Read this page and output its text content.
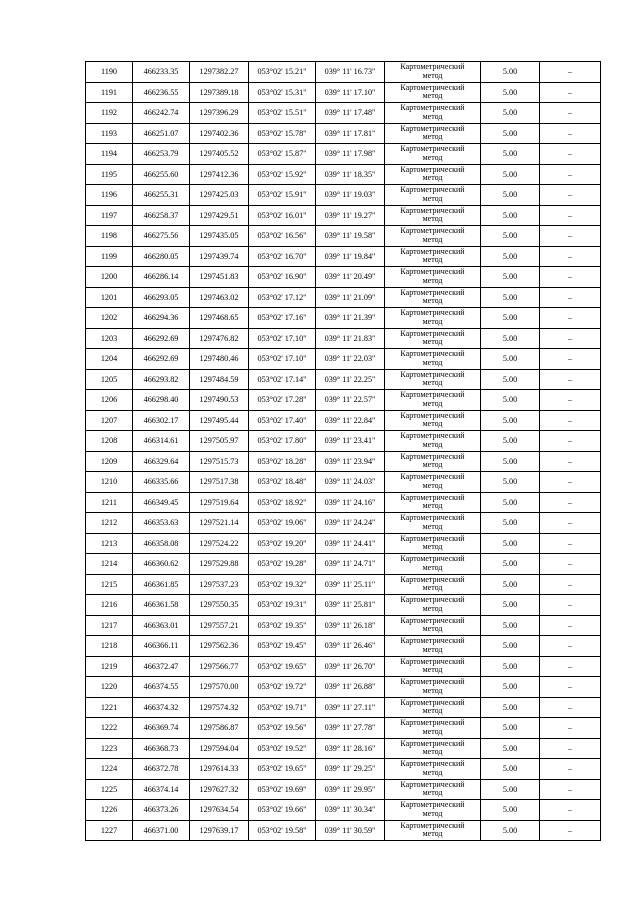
1190	466233.35	1297382.27	053°02' 15.21"	039° 11' 16.73"	Картометрический
метод	5.00	–
1191	466236.55	1297389.18	053°02' 15.31"	039° 11' 17.10"	Картометрический
метод	5.00	–
1192	466242.74	1297396.29	053°02' 15.51"	039° 11' 17.48"	Картометрический
метод	5.00	–
1193	466251.07	1297402.36	053°02' 15.78"	039° 11' 17.81"	Картометрический
метод	5.00	–
1194	466253.79	1297405.52	053°02' 15.87"	039° 11' 17.98"	Картометрический
метод	5.00	–
1195	466255.60	1297412.36	053°02' 15.92"	039° 11' 18.35"	Картометрический
метод	5.00	–
1196	466255.31	1297425.03	053°02' 15.91"	039° 11' 19.03"	Картометрический
метод	5.00	–
1197	466258.37	1297429.51	053°02' 16.01"	039° 11' 19.27"	Картометрический
метод	5.00	–
1198	466275.56	1297435.05	053°02' 16.56"	039° 11' 19.58"	Картометрический
метод	5.00	–
1199	466280.05	1297439.74	053°02' 16.70"	039° 11' 19.84"	Картометрический
метод	5.00	–
1200	466286.14	1297451.83	053°02' 16.90"	039° 11' 20.49"	Картометрический
метод	5.00	–
1201	466293.05	1297463.02	053°02' 17.12"	039° 11' 21.09"	Картометрический
метод	5.00	–
1202	466294.36	1297468.65	053°02' 17.16"	039° 11' 21.39"	Картометрический
метод	5.00	–
1203	466292.69	1297476.82	053°02' 17.10"	039° 11' 21.83"	Картометрический
метод	5.00	–
1204	466292.69	1297480.46	053°02' 17.10"	039° 11' 22.03"	Картометрический
метод	5.00	–
1205	466293.82	1297484.59	053°02' 17.14"	039° 11' 22.25"	Картометрический
метод	5.00	–
1206	466298.40	1297490.53	053°02' 17.28"	039° 11' 22.57"	Картометрический
метод	5.00	–
1207	466302.17	1297495.44	053°02' 17.40"	039° 11' 22.84"	Картометрический
метод	5.00	–
1208	466314.61	1297505.97	053°02' 17.80"	039° 11' 23.41"	Картометрический
метод	5.00	–
1209	466329.64	1297515.73	053°02' 18.28"	039° 11' 23.94"	Картометрический
метод	5.00	–
1210	466335.66	1297517.38	053°02' 18.48"	039° 11' 24.03"	Картометрический
метод	5.00	–
1211	466349.45	1297519.64	053°02' 18.92"	039° 11' 24.16"	Картометрический
метод	5.00	–
1212	466353.63	1297521.14	053°02' 19.06"	039° 11' 24.24"	Картометрический
метод	5.00	–
1213	466358.08	1297524.22	053°02' 19.20"	039° 11' 24.41"	Картометрический
метод	5.00	–
1214	466360.62	1297529.88	053°02' 19.28"	039° 11' 24.71"	Картометрический
метод	5.00	–
1215	466361.85	1297537.23	053°02' 19.32"	039° 11' 25.11"	Картометрический
метод	5.00	–
1216	466361.58	1297550.35	053°02' 19.31"	039° 11' 25.81"	Картометрический
метод	5.00	–
1217	466363.01	1297557.21	053°02' 19.35"	039° 11' 26.18"	Картометрический
метод	5.00	–
1218	466366.11	1297562.36	053°02' 19.45"	039° 11' 26.46"	Картометрический
метод	5.00	–
1219	466372.47	1297566.77	053°02' 19.65"	039° 11' 26.70"	Картометрический
метод	5.00	–
1220	466374.55	1297570.00	053°02' 19.72"	039° 11' 26.88"	Картометрический
метод	5.00	–
1221	466374.32	1297574.32	053°02' 19.71"	039° 11' 27.11"	Картометрический
метод	5.00	–
1222	466369.74	1297586.87	053°02' 19.56"	039° 11' 27.78"	Картометрический
метод	5.00	–
1223	466368.73	1297594.04	053°02' 19.52"	039° 11' 28.16"	Картометрический
метод	5.00	–
1224	466372.78	1297614.33	053°02' 19.65"	039° 11' 29.25"	Картометрический
метод	5.00	–
1225	466374.14	1297627.32	053°02' 19.69"	039° 11' 29.95"	Картометрический
метод	5.00	–
1226	466373.26	1297634.54	053°02' 19.66"	039° 11' 30.34"	Картометрический
метод	5.00	–
1227	466371.00	1297639.17	053°02' 19.58"	039° 11' 30.59"	Картометрический
метод	5.00	–
